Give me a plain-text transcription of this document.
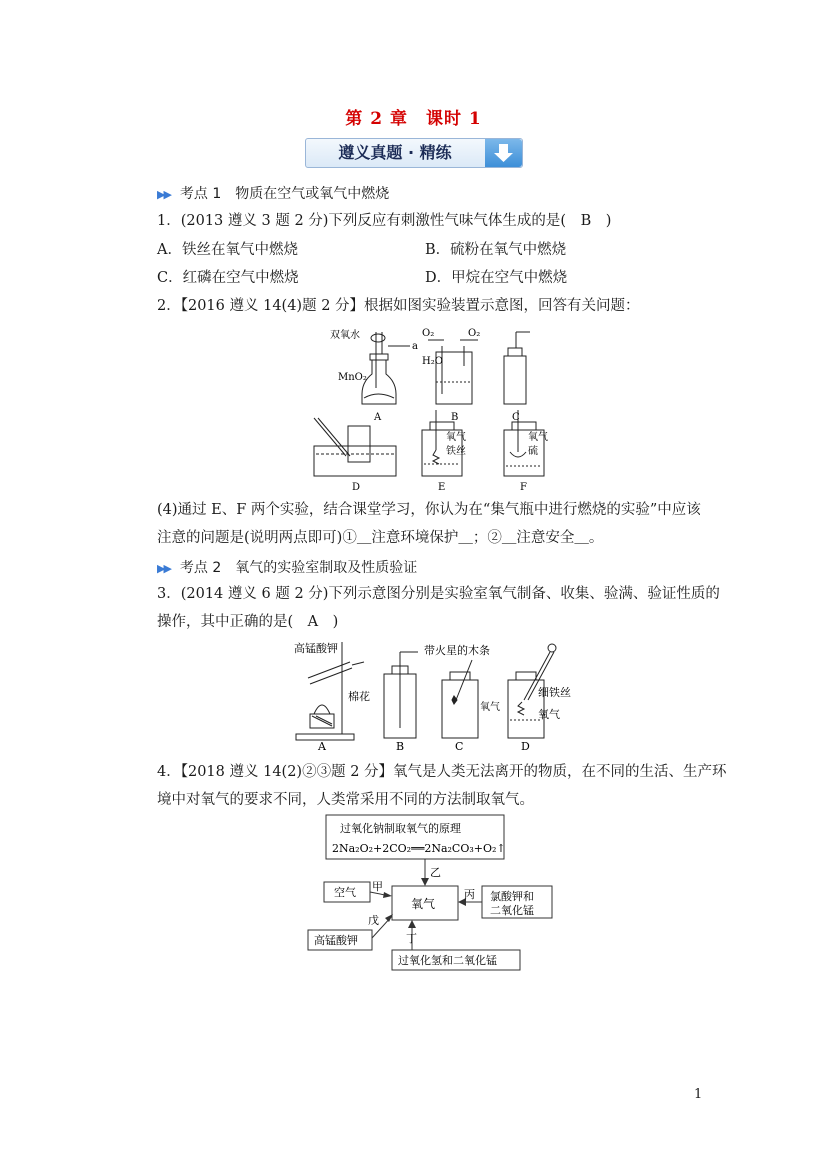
第 2 章　课时 1
遵义真题 · 精练
▶▶ 考点 1　物质在空气或氧气中燃烧
1．(2013 遵义 3 题 2 分)下列反应有刺激性气味气体生成的是(　B　)
A．铁丝在氧气中燃烧	B．硫粉在氧气中燃烧
C．红磷在空气中燃烧	D．甲烷在空气中燃烧
2．【2016 遵义 14(4)题 2 分】根据如图实验装置示意图，回答有关问题：
双氧水
a
MnO₂
A
O₂	O₂
H₂O
B	C
D
氧气
铁丝
E
氧气
硫
F
(4)通过 E、F 两个实验，结合课堂学习，你认为在“集气瓶中进行燃烧的实验”中应该
注意的问题是(说明两点即可)①＿注意环境保护＿；②＿注意安全＿。
▶▶ 考点 2　氧气的实验室制取及性质验证
3．(2014 遵义 6 题 2 分)下列示意图分别是实验室氧气制备、收集、验满、验证性质的
操作，其中正确的是(　A　)
高锰酸钾
棉花
带火星的木条
氧气
细铁丝
氧气
A	B	C	D
4．【2018 遵义 14(2)②③题 2 分】氧气是人类无法离开的物质，在不同的生活、生产环
境中对氧气的要求不同，人类常采用不同的方法制取氧气。
过氧化钠制取氧气的原理
2Na₂O₂+2CO₂══2Na₂CO₃+O₂↑
氧气
空气
高锰酸钾
氯酸钾和
二氧化锰
过氧化氢和二氧化锰
甲
乙
丙
丁
戊
1
